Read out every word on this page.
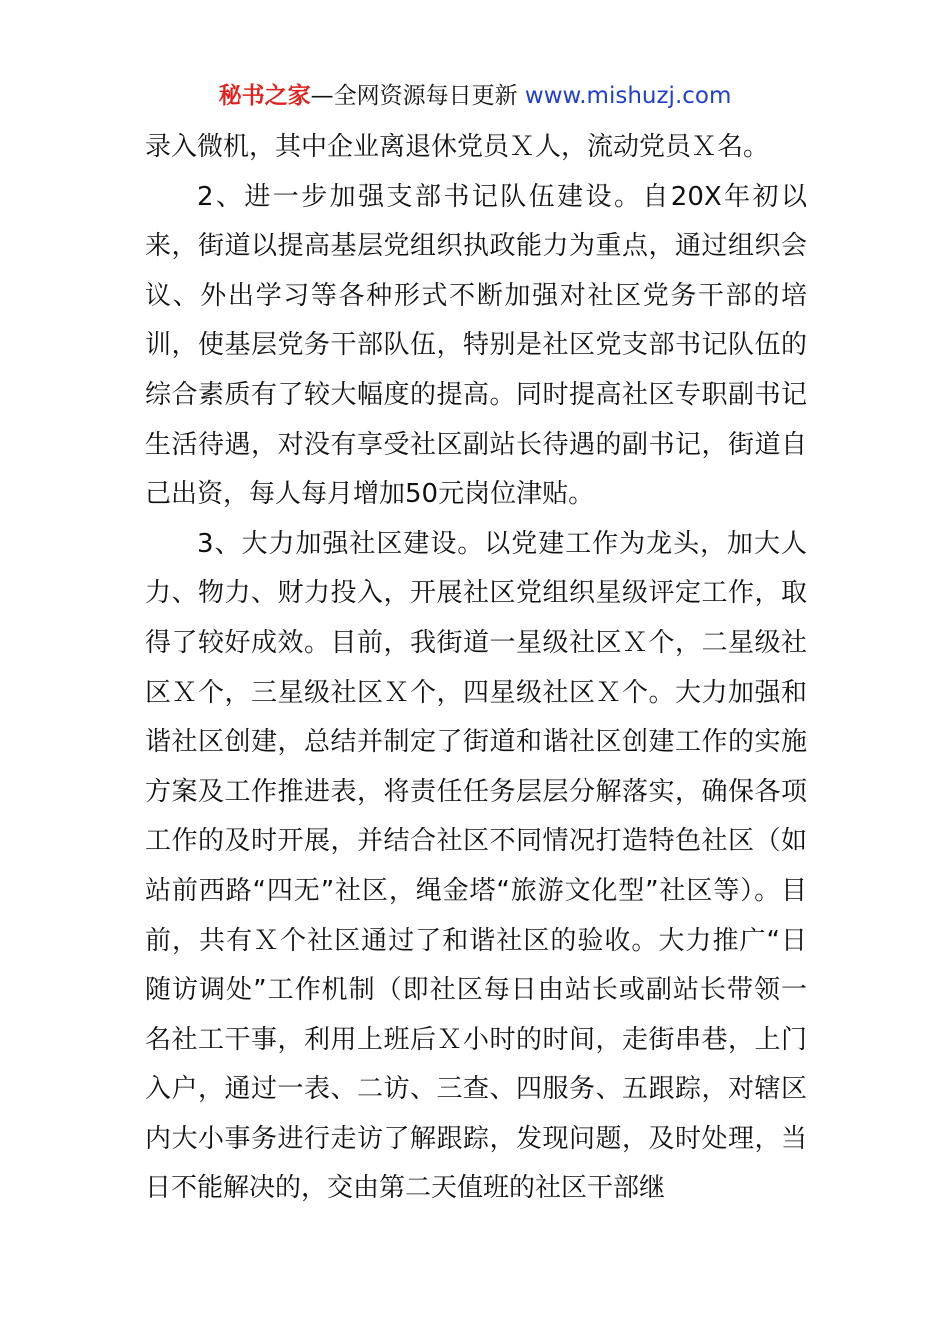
秘书之家—全网资源每日更新 www.mishuzj.com

录入微机，其中企业离退休党员Ｘ人，流动党员Ｘ名。

2、进一步加强支部书记队伍建设。自20X年初以来，街道以提高基层党组织执政能力为重点，通过组织会议、外出学习等各种形式不断加强对社区党务干部的培训，使基层党务干部队伍，特别是社区党支部书记队伍的综合素质有了较大幅度的提高。同时提高社区专职副书记生活待遇，对没有享受社区副站长待遇的副书记，街道自己出资，每人每月增加50元岗位津贴。

3、大力加强社区建设。以党建工作为龙头，加大人力、物力、财力投入，开展社区党组织星级评定工作，取得了较好成效。目前，我街道一星级社区Ｘ个，二星级社区Ｘ个，三星级社区Ｘ个，四星级社区Ｘ个。大力加强和谐社区创建，总结并制定了街道和谐社区创建工作的实施方案及工作推进表，将责任任务层层分解落实，确保各项工作的及时开展，并结合社区不同情况打造特色社区（如站前西路“四无”社区，绳金塔“旅游文化型”社区等）。目前，共有Ｘ个社区通过了和谐社区的验收。大力推广“日随访调处”工作机制（即社区每日由站长或副站长带领一名社工干事，利用上班后Ｘ小时的时间，走街串巷，上门入户，通过一表、二访、三查、四服务、五跟踪，对辖区内大小事务进行走访了解跟踪，发现问题，及时处理，当日不能解决的，交由第二天值班的社区干部继
